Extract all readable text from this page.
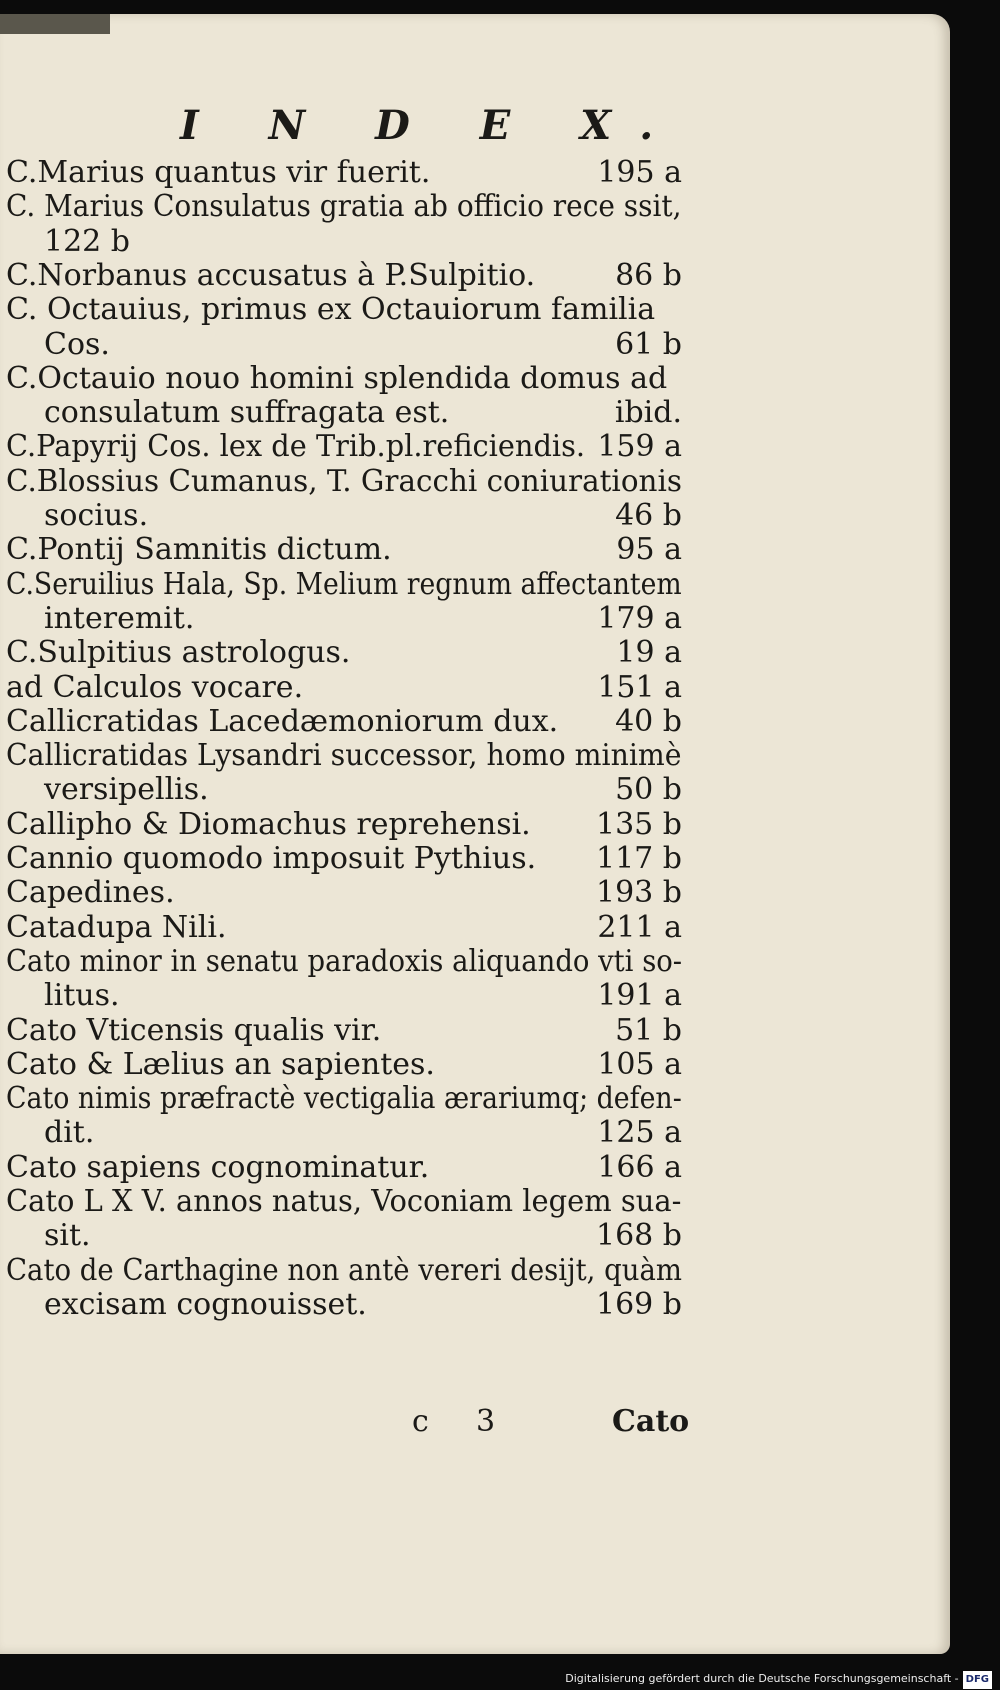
I N D E X.
C.Marius quantus vir fuerit.	195 a
C. Marius Consulatus gratia ab officio rece ssit,
122 b
C.Norbanus accusatus à P.Sulpitio.	86 b
C. Octauius, primus ex Octauiorum familia
Cos.	61 b
C.Octauio nouo homini splendida domus ad
consulatum suffragata est.	ibid.
C.Papyrij Cos. lex de Trib.pl.reficiendis. 159 a
C.Blossius Cumanus, T. Gracchi coniurationis
socius.	46 b
C.Pontij Samnitis dictum.	95 a
C.Seruilius Hala, Sp. Melium regnum affectantem
interemit.	179 a
C.Sulpitius astrologus.	19 a
ad Calculos vocare.	151 a
Callicratidas Lacedæmoniorum dux. 40 b
Callicratidas Lysandri successor, homo minimè
versipellis.	50 b
Callipho & Diomachus reprehensi. 135 b
Cannio quomodo imposuit Pythius. 117 b
Capedines.	193 b
Catadupa Nili.	211 a
Cato minor in senatu paradoxis aliquando vti so-
litus.	191 a
Cato Vticensis qualis vir.	51 b
Cato & Lælius an sapientes.	105 a
Cato nimis præfractè vectigalia ærariumq; defen-
dit.	125 a
Cato sapiens cognominatur.	166 a
Cato L X V. annos natus, Voconiam legem sua-
sit.	168 b
Cato de Carthagine non antè vereri desijt, quàm
excisam cognouisset.	169 b
c 3	Cato
Digitalisierung gefördert durch die Deutsche Forschungsgemeinschaft - DFG
